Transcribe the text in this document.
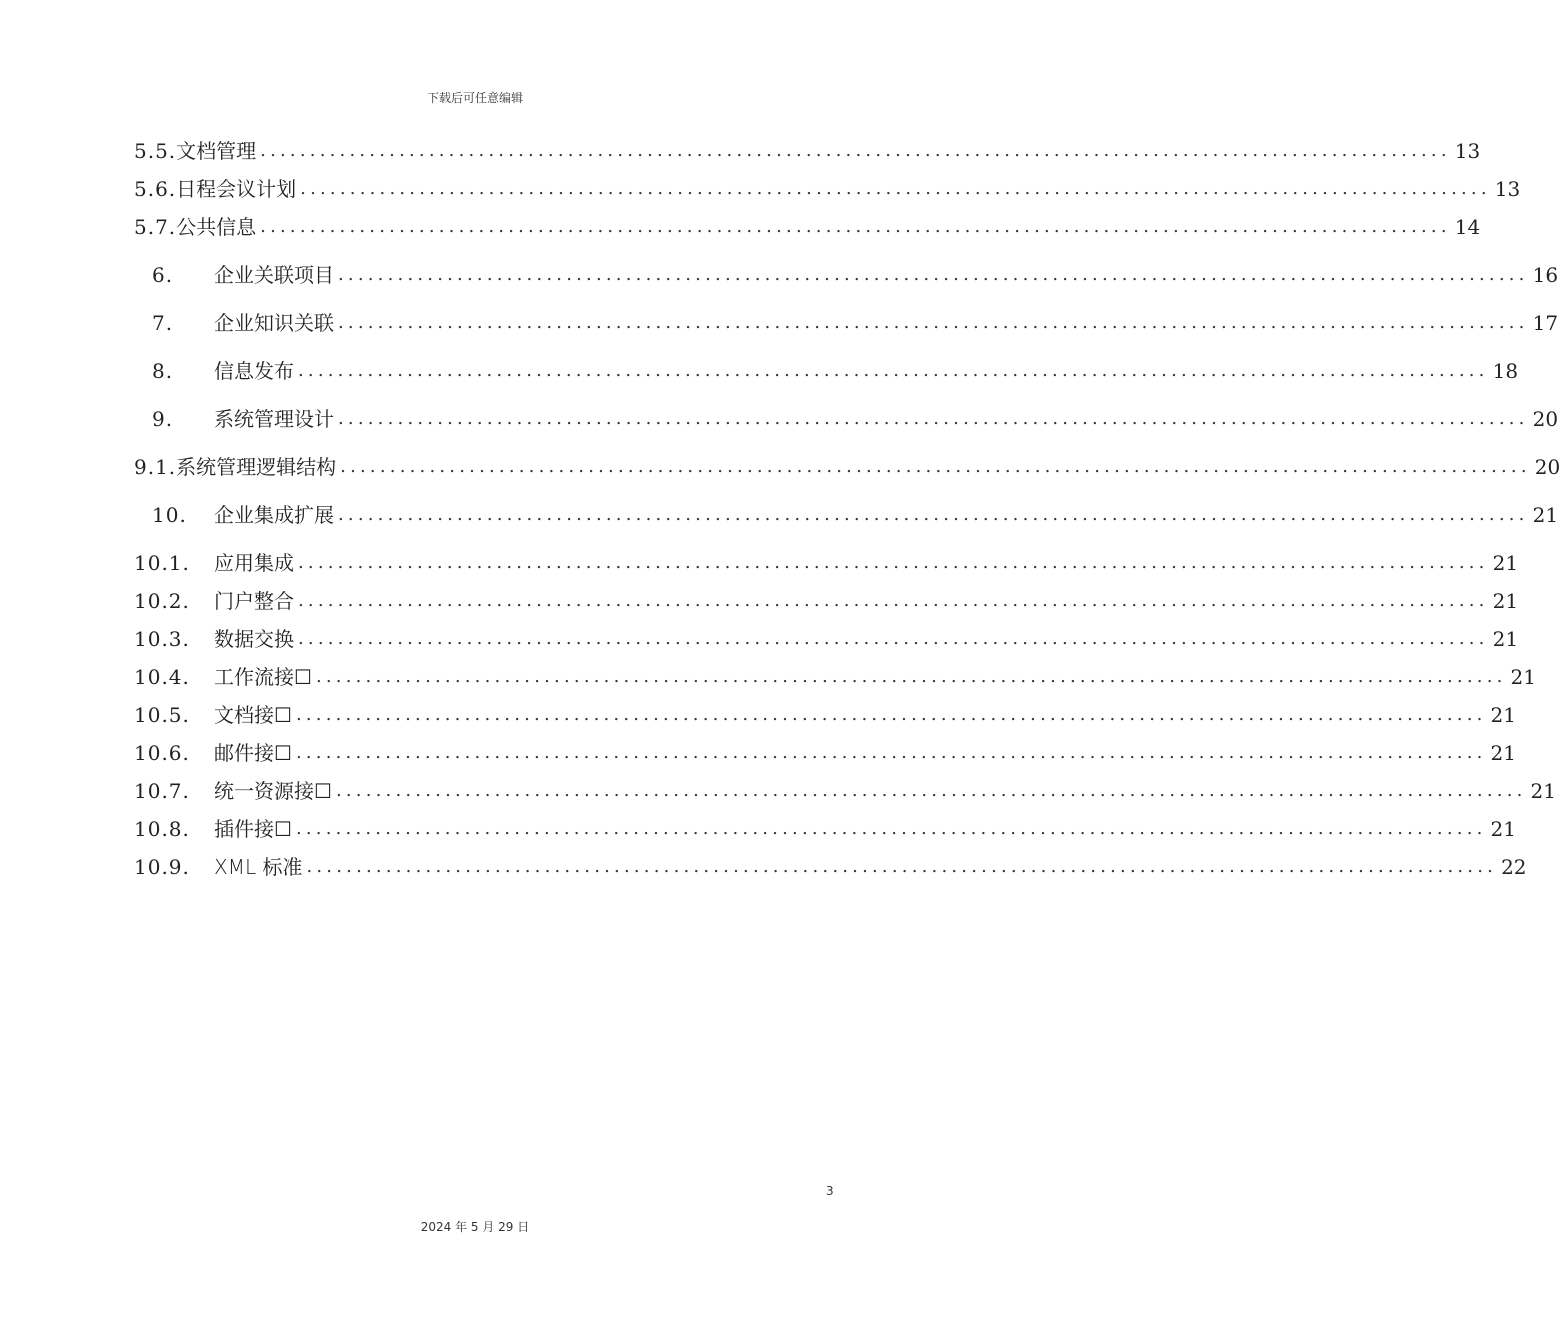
下载后可任意编辑
5.5. 文档管理 ........................................................................................................................ 13
5.6. 日程会议计划 ........................................................................................................................ 13
5.7. 公共信息 ........................................................................................................................ 14
6.	企业关联项目 ........................................................................................................................ 16
7.	企业知识关联 ........................................................................................................................ 17
8.	信息发布 ........................................................................................................................ 18
9.	系统管理设计 ........................................................................................................................ 20
9.1. 系统管理逻辑结构 ........................................................................................................................ 20
10.	企业集成扩展 ........................................................................................................................ 21
10.1.	应用集成 ........................................................................................................................ 21
10.2.	门户整合 ........................................................................................................................ 21
10.3.	数据交换 ........................................................................................................................ 21
10.4.	工作流接☐ ........................................................................................................................ 21
10.5.	文档接☐ ........................................................................................................................ 21
10.6.	邮件接☐ ........................................................................................................................ 21
10.7.	统一资源接☐ ........................................................................................................................ 21
10.8.	插件接☐ ........................................................................................................................ 21
10.9.	XML 标准 ........................................................................................................................ 22
3
2024 年 5 月 29 日
